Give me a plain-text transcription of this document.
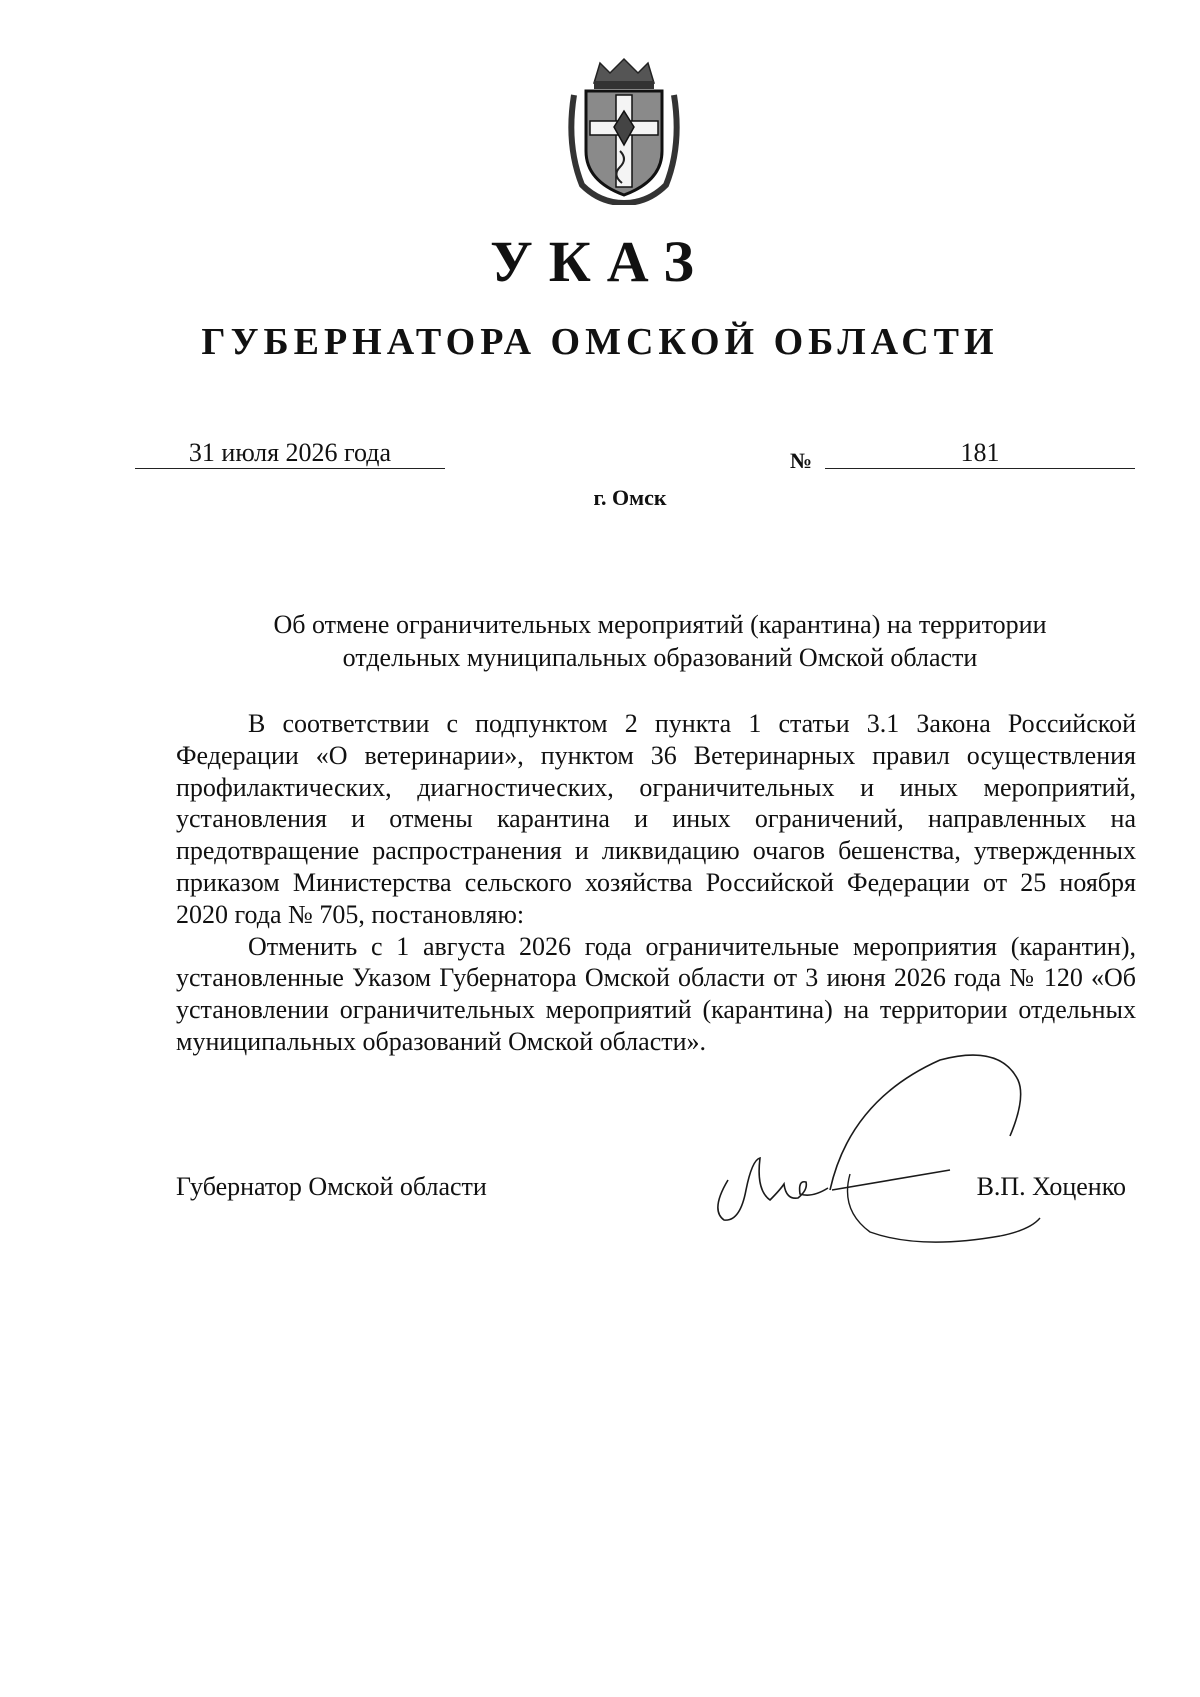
УКАЗ
ГУБЕРНАТОРА ОМСКОЙ ОБЛАСТИ
31 июля 2026 года	№	181
г. Омск
Об отмене ограничительных мероприятий (карантина) на территории
отдельных муниципальных образований Омской области

В соответствии с подпунктом 2 пункта 1 статьи 3.1 Закона Российской Федерации «О ветеринарии», пунктом 36 Ветеринарных правил осуществления профилактических, диагностических, ограничительных и иных мероприятий, установления и отмены карантина и иных ограничений, направленных на предотвращение распространения и ликвидацию очагов бешенства, утвержденных приказом Министерства сельского хозяйства Российской Федерации от 25 ноября 2020 года № 705, постановляю:

Отменить с 1 августа 2026 года ограничительные мероприятия (карантин), установленные Указом Губернатора Омской области от 3 июня 2026 года № 120 «Об установлении ограничительных мероприятий (карантина) на территории отдельных муниципальных образований Омской области».

Губернатор Омской области	В.П. Хоценко
